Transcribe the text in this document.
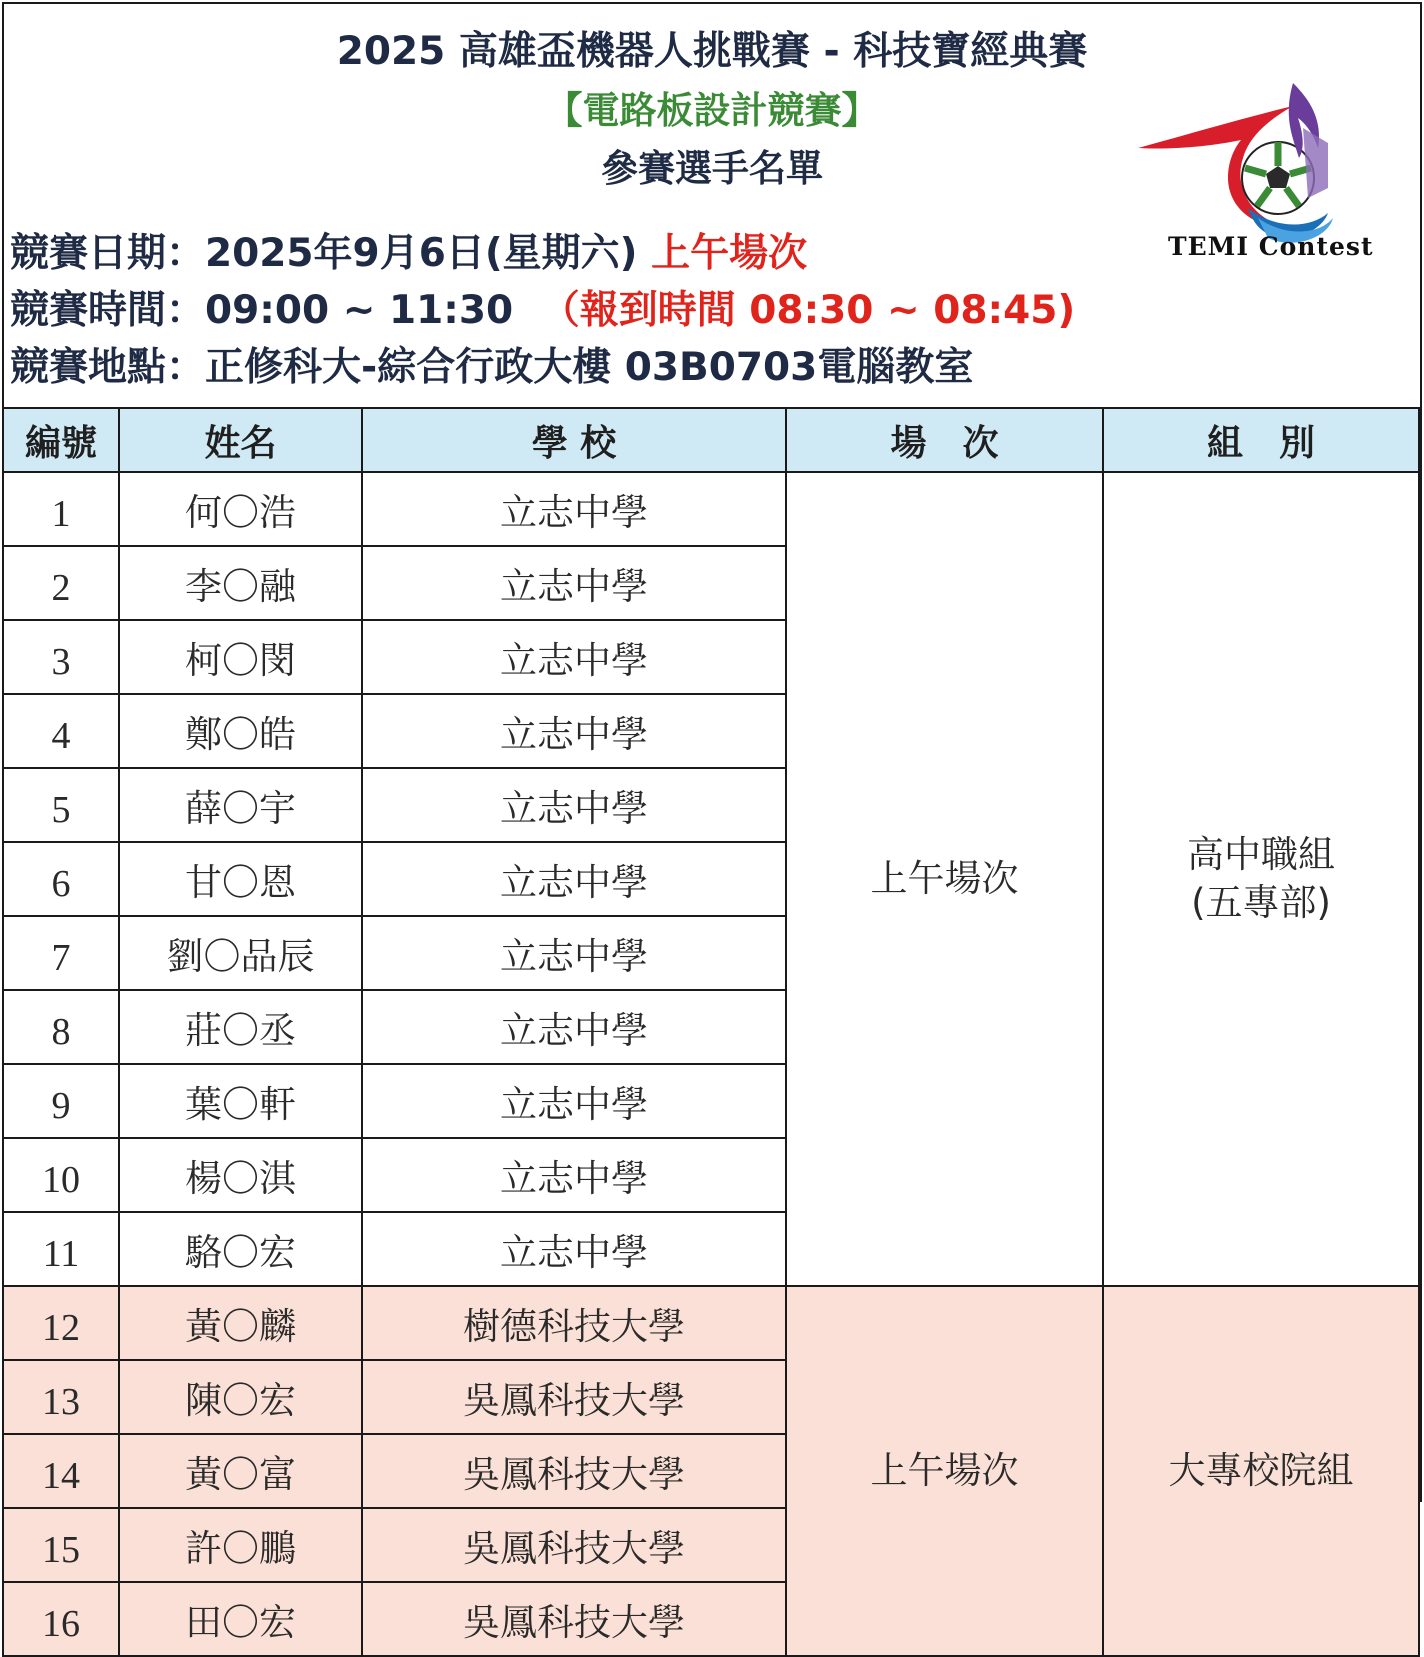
2025 高雄盃機器人挑戰賽 - 科技寶經典賽
【電路板設計競賽】
參賽選手名單
競賽日期：2025年9月6日(星期六) 上午場次
競賽時間：09:00 ~ 11:30 （報到時間 08:30 ~ 08:45)
競賽地點：正修科大-綜合行政大樓 03B0703電腦教室
TEMI Contest
編號	姓名	學 校	場　次	組　別
1	何〇浩	立志中學	上午場次	高中職組
(五專部)

2	李〇融	立志中學		
3	柯〇閔	立志中學		
4	鄭〇皓	立志中學		
5	薛〇宇	立志中學		
6	甘〇恩	立志中學		
7	劉〇品辰	立志中學		
8	莊〇丞	立志中學		
9	葉〇軒	立志中學		
10	楊〇淇	立志中學		
11	駱〇宏	立志中學		
12	黃〇麟	樹德科技大學	上午場次	大專校院組
13	陳〇宏	吳鳳科技大學		
14	黃〇富	吳鳳科技大學		
15	許〇鵬	吳鳳科技大學		
16	田〇宏	吳鳳科技大學		
